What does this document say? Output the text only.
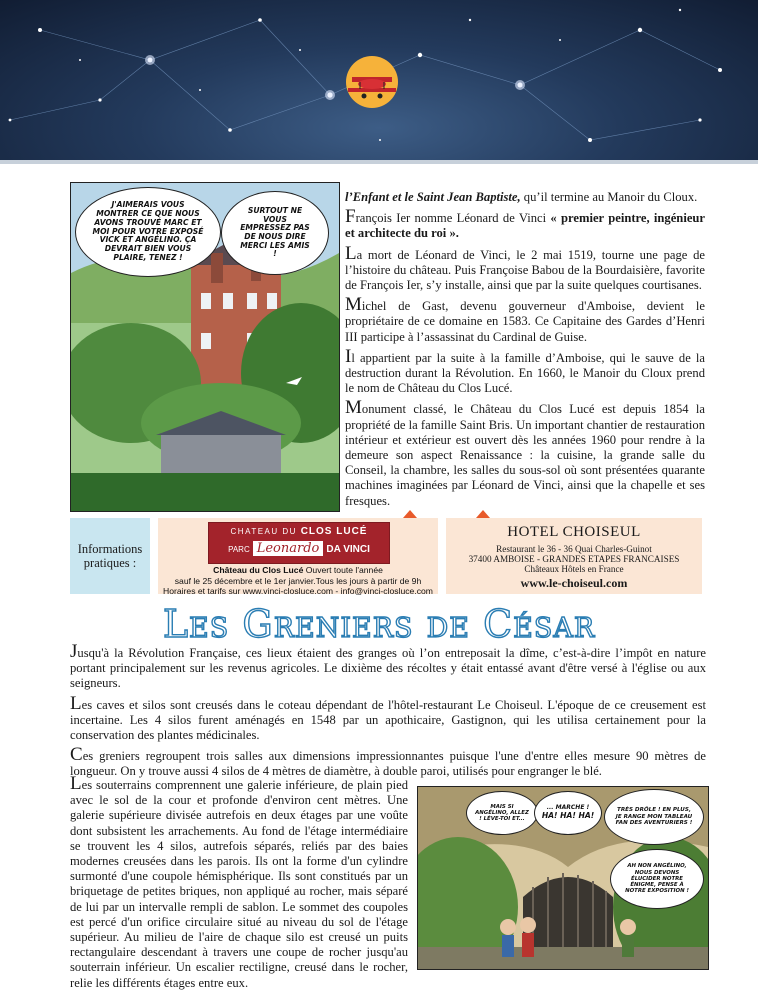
J'AIMERAIS VOUS MONTRER CE QUE NOUS AVONS TROUVÉ MARC ET MOI POUR VOTRE EXPOSÉ VICK ET ANGÉLINO. ÇA DEVRAIT BIEN VOUS PLAIRE, TENEZ !
SURTOUT NE VOUS EMPRESSEZ PAS DE NOUS DIRE MERCI LES AMIS !

l’Enfant et le Saint Jean Baptiste, qu’il termine au Manoir du Cloux.

François Ier nomme Léonard de Vinci « premier peintre, ingénieur et architecte du roi ».

La mort de Léonard de Vinci, le 2 mai 1519, tourne une page de l’histoire du château. Puis Françoise Babou de la Bourdaisière, favorite de François Ier, s’y installe, ainsi que par la suite quelques courtisanes.

Michel de Gast, devenu gouverneur d'Amboise, devient le propriétaire de ce domaine en 1583. Ce Capitaine des Gardes d’Henri III participe à l’assassinat du Cardinal de Guise.

Il appartient par la suite à la famille d’Amboise, qui le sauve de la destruction durant la Révolution. En 1660, le Manoir du Cloux prend le nom de Château du Clos Lucé.

Monument classé, le Château du Clos Lucé est depuis 1854 la propriété de la famille Saint Bris. Un important chantier de restauration intérieur et extérieur est ouvert dès les années 1960 pour rendre à la demeure son aspect Renaissance : la cuisine, la grande salle du Conseil, la chambre, les salles du sous-sol où sont présentées quarante machines imaginées par Léonard de Vinci, ainsi que la chapelle et ses fresques.

Informations pratiques :
CHATEAU DU CLOS LUCÉ
PARC Leonardo DA VINCI
Château du Clos Lucé Ouvert toute l'année
sauf le 25 décembre et le 1er janvier.Tous les jours à partir de 9h
Horaires et tarifs sur www.vinci-closluce.com - info@vinci-closluce.com
HOTEL CHOISEUL
Restaurant le 36 - 36 Quai Charles-Guinot
37400 AMBOISE - GRANDES ETAPES FRANCAISES
Châteaux Hôtels en France
www.le-choiseul.com
Les Greniers de César

Jusqu'à la Révolution Française, ces lieux étaient des granges où l’on entreposait la dîme, c’est-à-dire l’impôt en nature portant principalement sur les revenus agricoles. Le dixième des récoltes y était entassé avant d'être versé à l'église ou aux seigneurs.

Les caves et silos sont creusés dans le coteau dépendant de l'hôtel-restaurant Le Choiseul. L'époque de ce creusement est incertaine. Les 4 silos furent aménagés en 1548 par un apothicaire, Gastignon, qui les utilisa certainement pour la conservation des plantes médicinales.

Ces greniers regroupent trois salles aux dimensions impressionnantes puisque l'une d'entre elles mesure 90 mètres de longueur. On y trouve aussi 4 silos de 4 mètres de diamètre, à double paroi, utilisés pour engranger le blé.

Les souterrains comprennent une galerie inférieure, de plain pied avec le sol de la cour et profonde d'environ cent mètres. Une galerie supérieure divisée autrefois en deux étages par une voûte dont subsistent les arrachements. Au fond de l'étage intermédiaire se trouvent les 4 silos, autrefois séparés, reliés par des baies modernes creusées dans les parois. Ils ont la forme d'un cylindre surmonté d'une coupole hémisphérique. Ils sont constitués par un briquetage de petites briques, non appliqué au rocher, mais séparé de lui par un intervalle rempli de sablon. Le sommet des coupoles est percé d'un orifice circulaire situé au niveau du sol de l'étage supérieur. Au milieu de l'aire de chaque silo est creusé un puits rectangulaire descendant à travers une coupe de rocher jusqu'au souterrain inférieur. Un escalier rectiligne, creusé dans le rocher, relie les différents étages entre eux.

MAIS SI ANGÉLINO, ALLEZ ! LÈVE-TOI ET...
... MARCHE !
HA! HA! HA!
TRÈS DRÔLE ! EN PLUS, JE RANGE MON TABLEAU FAN DES AVENTURIERS !
AH NON ANGÉLINO, NOUS DEVONS ÉLUCIDER NOTRE ÉNIGME, PENSE À NOTRE EXPOSITION !
